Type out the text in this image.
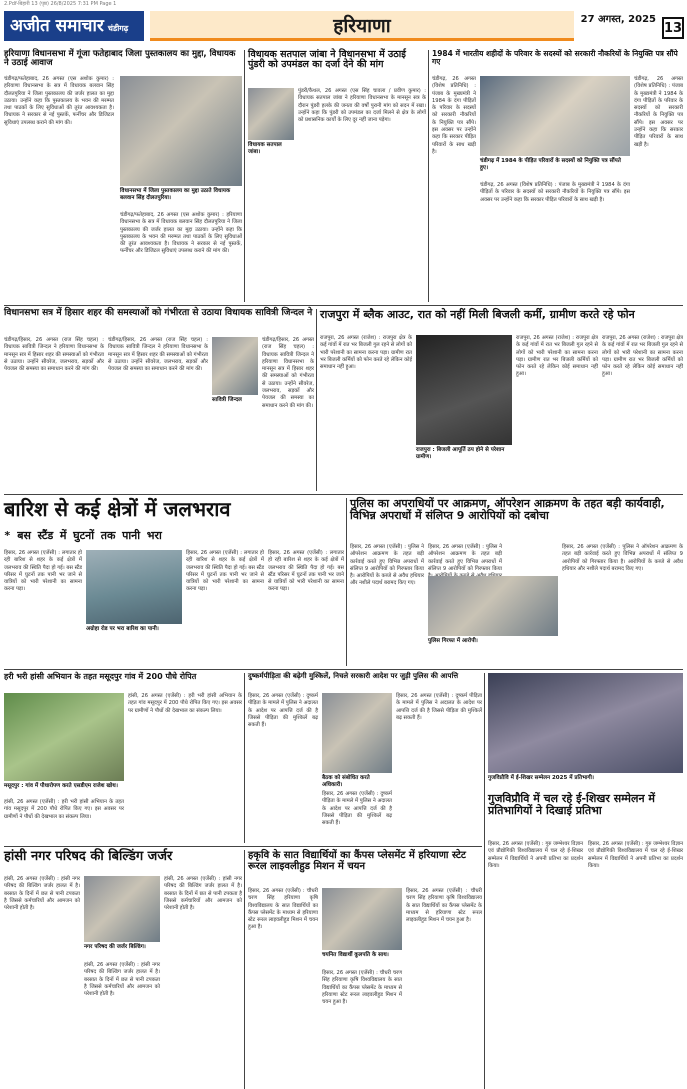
2.Pdf-बिहारी 13 (पृष्ठ) 26/8/2025 7:31 PM Page 1
अजीत समाचार चंडीगढ़	हरियाणा	27 अगस्त, 2025
13
हरियाणा विधानसभा में गूंजा फतेहाबाद जिला पुस्तकालय का मुद्दा, विधायक ने उठाई आवाज
चंडीगढ़/फतेहाबाद, 26 अगस्त (एस अशोक कुमार) : हरियाणा विधानसभा के सत्र में विधायक बलवान सिंह दौलतपुरिया ने जिला पुस्तकालय की जर्जर हालत का मुद्दा उठाया। उन्होंने कहा कि पुस्तकालय के भवन की मरम्मत तथा पाठकों के लिए सुविधाओं की तुरंत आवश्यकता है। विधायक ने सरकार से नई पुस्तकें, फर्नीचर और डिजिटल सुविधाएं उपलब्ध कराने की मांग की।
विधानसभा में जिला पुस्तकालय का मुद्दा उठाते विधायक बलवान सिंह दौलतपुरिया।
चंडीगढ़/फतेहाबाद, 26 अगस्त (एस अशोक कुमार) : हरियाणा विधानसभा के सत्र में विधायक बलवान सिंह दौलतपुरिया ने जिला पुस्तकालय की जर्जर हालत का मुद्दा उठाया। उन्होंने कहा कि पुस्तकालय के भवन की मरम्मत तथा पाठकों के लिए सुविधाओं की तुरंत आवश्यकता है। विधायक ने सरकार से नई पुस्तकें, फर्नीचर और डिजिटल सुविधाएं उपलब्ध कराने की मांग की।
विधायक सतपाल जांबा ने विधानसभा में उठाई पुंडरी को उपमंडल का दर्जा देने की मांग
विधायक सतपाल जांबा।
पुंडरी/कैथल, 26 अगस्त (एस सिंह चावला / प्रवीण कुमार) : विधायक सतपाल जांबा ने हरियाणा विधानसभा के मानसून सत्र के दौरान पुंडरी हलके की जनता की वर्षों पुरानी मांग को सदन में रखा। उन्होंने कहा कि पुंडरी को उपमंडल का दर्जा मिलने से क्षेत्र के लोगों को प्रशासनिक कार्यों के लिए दूर नहीं जाना पड़ेगा।
1984 में भारतीय शहीदों के परिवार के सदस्यों को सरकारी नौकरियों के नियुक्ति पत्र सौंपे गए
चंडीगढ़, 26 अगस्त (विशेष प्रतिनिधि) : पंजाब के मुख्यमंत्री ने 1984 के दंगा पीड़ितों के परिवार के सदस्यों को सरकारी नौकरियों के नियुक्ति पत्र सौंपे। इस अवसर पर उन्होंने कहा कि सरकार पीड़ित परिवारों के साथ खड़ी है।
चंडीगढ़ में 1984 के पीड़ित परिवारों के सदस्यों को नियुक्ति पत्र सौंपते हुए।
चंडीगढ़, 26 अगस्त (विशेष प्रतिनिधि) : पंजाब के मुख्यमंत्री ने 1984 के दंगा पीड़ितों के परिवार के सदस्यों को सरकारी नौकरियों के नियुक्ति पत्र सौंपे। इस अवसर पर उन्होंने कहा कि सरकार पीड़ित परिवारों के साथ खड़ी है।
चंडीगढ़, 26 अगस्त (विशेष प्रतिनिधि) : पंजाब के मुख्यमंत्री ने 1984 के दंगा पीड़ितों के परिवार के सदस्यों को सरकारी नौकरियों के नियुक्ति पत्र सौंपे। इस अवसर पर उन्होंने कहा कि सरकार पीड़ित परिवारों के साथ खड़ी है।
विधानसभा सत्र में हिसार शहर की समस्याओं को गंभीरता से उठाया विधायक सावित्री जिन्दल ने
चंडीगढ़/हिसार, 26 अगस्त (राज सिंह चहल) : विधायक सावित्री जिन्दल ने हरियाणा विधानसभा के मानसून सत्र में हिसार शहर की समस्याओं को गंभीरता से उठाया। उन्होंने सीवरेज, जलभराव, सड़कों और पेयजल की समस्या का समाधान करने की मांग की।
चंडीगढ़/हिसार, 26 अगस्त (राज सिंह चहल) : विधायक सावित्री जिन्दल ने हरियाणा विधानसभा के मानसून सत्र में हिसार शहर की समस्याओं को गंभीरता से उठाया। उन्होंने सीवरेज, जलभराव, सड़कों और पेयजल की समस्या का समाधान करने की मांग की।
सावित्री जिन्दल
चंडीगढ़/हिसार, 26 अगस्त (राज सिंह चहल) : विधायक सावित्री जिन्दल ने हरियाणा विधानसभा के मानसून सत्र में हिसार शहर की समस्याओं को गंभीरता से उठाया। उन्होंने सीवरेज, जलभराव, सड़कों और पेयजल की समस्या का समाधान करने की मांग की।
राजपुरा में ब्लैक आउट, रात को नहीं मिली बिजली कर्मी, ग्रामीण करते रहे फोन
राजपुरा, 26 अगस्त (राजेश) : राजपुरा क्षेत्र के कई गांवों में रात भर बिजली गुल रहने से लोगों को भारी परेशानी का सामना करना पड़ा। ग्रामीण रात भर बिजली कर्मियों को फोन करते रहे लेकिन कोई समाधान नहीं हुआ।
राजपुरा : बिजली आपूर्ति ठप होने से परेशान ग्रामीण।
राजपुरा, 26 अगस्त (राजेश) : राजपुरा क्षेत्र के कई गांवों में रात भर बिजली गुल रहने से लोगों को भारी परेशानी का सामना करना पड़ा। ग्रामीण रात भर बिजली कर्मियों को फोन करते रहे लेकिन कोई समाधान नहीं हुआ।
राजपुरा, 26 अगस्त (राजेश) : राजपुरा क्षेत्र के कई गांवों में रात भर बिजली गुल रहने से लोगों को भारी परेशानी का सामना करना पड़ा। ग्रामीण रात भर बिजली कर्मियों को फोन करते रहे लेकिन कोई समाधान नहीं हुआ।
बारिश से कई क्षेत्रों में जलभराव
* बस स्टैंड में घुटनों तक पानी भरा
हिसार, 26 अगस्त (एजेंसी) : लगातार हो रही बारिश से शहर के कई क्षेत्रों में जलभराव की स्थिति पैदा हो गई। बस स्टैंड परिसर में घुटनों तक पानी भर जाने से यात्रियों को भारी परेशानी का सामना करना पड़ा।
अग्रोहा रोड पर भरा बारिश का पानी।
हिसार, 26 अगस्त (एजेंसी) : लगातार हो रही बारिश से शहर के कई क्षेत्रों में जलभराव की स्थिति पैदा हो गई। बस स्टैंड परिसर में घुटनों तक पानी भर जाने से यात्रियों को भारी परेशानी का सामना करना पड़ा।
हिसार, 26 अगस्त (एजेंसी) : लगातार हो रही बारिश से शहर के कई क्षेत्रों में जलभराव की स्थिति पैदा हो गई। बस स्टैंड परिसर में घुटनों तक पानी भर जाने से यात्रियों को भारी परेशानी का सामना करना पड़ा।
पुलिस का अपराधियों पर आक्रमण, ऑपरेशन आक्रमण के तहत बड़ी कार्यवाही, विभिन्न अपराधों में संलिप्त 9 आरोपियों को दबोचा
हिसार, 26 अगस्त (एजेंसी) : पुलिस ने ऑपरेशन आक्रमण के तहत बड़ी कार्रवाई करते हुए विभिन्न अपराधों में संलिप्त 9 आरोपियों को गिरफ्तार किया है। आरोपियों के कब्जे से अवैध हथियार और नशीले पदार्थ बरामद किए गए।
हिसार, 26 अगस्त (एजेंसी) : पुलिस ने ऑपरेशन आक्रमण के तहत बड़ी कार्रवाई करते हुए विभिन्न अपराधों में संलिप्त 9 आरोपियों को गिरफ्तार किया
पुलिस गिरफ्त में आरोपी।
हिसार, 26 अगस्त (एजेंसी) : पुलिस ने ऑपरेशन आक्रमण के तहत बड़ी कार्रवाई करते हुए विभिन्न अपराधों में संलिप्त 9 आरोपियों को गिरफ्तार किया है। आरोपियों के कब्जे से अवैध हथियार और नशीले पदार्थ बरामद किए गए।
हरी भरी हांसी अभियान के तहत मसूदपुर गांव में 200 पौधे रोपित
मसूदपुर : गांव में पौधारोपण करते एसडीएम राजेश खोथ।
हांसी, 26 अगस्त (एजेंसी) : हरी भरी हांसी अभियान के तहत गांव मसूदपुर में 200 पौधे रोपित किए गए। इस अवसर पर ग्रामीणों ने पौधों की देखभाल का संकल्प लिया।
हांसी, 26 अगस्त (एजेंसी) : हरी भरी हांसी अभियान के तहत गांव मसूदपुर में 200 पौधे रोपित किए गए। इस अवसर पर ग्रामीणों ने पौधों की देखभाल का संकल्प लिया।
दुष्कर्मपीड़िता की बढ़ेगी मुश्किलें, निचले सरकारी आदेश पर जुड़ी पुलिस की आपत्ति
हिसार, 26 अगस्त (एजेंसी) : दुष्कर्म पीड़िता के मामले में पुलिस ने अदालत के आदेश पर आपत्ति दर्ज की है जिससे पीड़िता की मुश्किलें बढ़ सकती हैं।
बैठक को संबोधित करते अधिकारी।
हिसार, 26 अगस्त (एजेंसी) : दुष्कर्म पीड़िता के मामले में पुलिस ने अदालत के आदेश पर आपत्ति दर्ज की है जिससे पीड़िता की मुश्किलें बढ़ सकती हैं।
हिसार, 26 अगस्त (एजेंसी) : दुष्कर्म पीड़िता के मामले में पुलिस ने अदालत के आदेश पर आपत्ति दर्ज की है जिससे पीड़िता की मुश्किलें बढ़ सकती हैं।
गुजविप्रौवि में ई-शिखर सम्मेलन 2025 में प्रतिभागी।
गुजविप्रौवि में चल रहे ई-शिखर सम्मेलन में प्रतिभागियों ने दिखाई प्रतिभा
हिसार, 26 अगस्त (एजेंसी) : गुरु जम्भेश्वर विज्ञान एवं प्रौद्योगिकी विश्वविद्यालय में चल रहे ई-शिखर सम्मेलन में विद्यार्थियों ने अपनी प्रतिभा का प्रदर्शन किया।
हिसार, 26 अगस्त (एजेंसी) : गुरु जम्भेश्वर विज्ञान एवं प्रौद्योगिकी विश्वविद्यालय में चल रहे ई-शिखर सम्मेलन में विद्यार्थियों ने अपनी प्रतिभा का प्रदर्शन किया।
हांसी नगर परिषद की बिल्डिंग जर्जर
हांसी, 26 अगस्त (एजेंसी) : हांसी नगर परिषद की बिल्डिंग जर्जर हालत में है। बरसात के दिनों में छत से पानी टपकता है जिससे कर्मचारियों और आमजन को परेशानी होती है।
नगर परिषद की जर्जर बिल्डिंग।
हांसी, 26 अगस्त (एजेंसी) : हांसी नगर परिषद की बिल्डिंग जर्जर हालत में है। बरसात के दिनों में छत से पानी टपकता है जिससे कर्मचारियों और आमजन को परेशानी होती है।
हांसी, 26 अगस्त (एजेंसी) : हांसी नगर परिषद की बिल्डिंग जर्जर हालत में है। बरसात के दिनों में छत से पानी टपकता है जिससे कर्मचारियों और आमजन को परेशानी होती है।
हकृवि के सात विद्यार्थियों का कैंपस प्लेसमेंट में हरियाणा स्टेट रूरल लाइवलीहुड मिशन में चयन
हिसार, 26 अगस्त (एजेंसी) : चौधरी चरण सिंह हरियाणा कृषि विश्वविद्यालय के सात विद्यार्थियों का कैंपस प्लेसमेंट के माध्यम से हरियाणा स्टेट रूरल लाइवलीहुड मिशन में चयन हुआ है।
चयनित विद्यार्थी कुलपति के साथ।
हिसार, 26 अगस्त (एजेंसी) : चौधरी चरण सिंह हरियाणा कृषि विश्वविद्यालय के सात विद्यार्थियों का कैंपस प्लेसमेंट के माध्यम से हरियाणा स्टेट रूरल लाइवलीहुड मिशन में चयन हुआ है।
हिसार, 26 अगस्त (एजेंसी) : चौधरी चरण सिंह हरियाणा कृषि विश्वविद्यालय के सात विद्यार्थियों का कैंपस प्लेसमेंट के माध्यम से हरियाणा स्टेट रूरल लाइवलीहुड मिशन में चयन हुआ है।
